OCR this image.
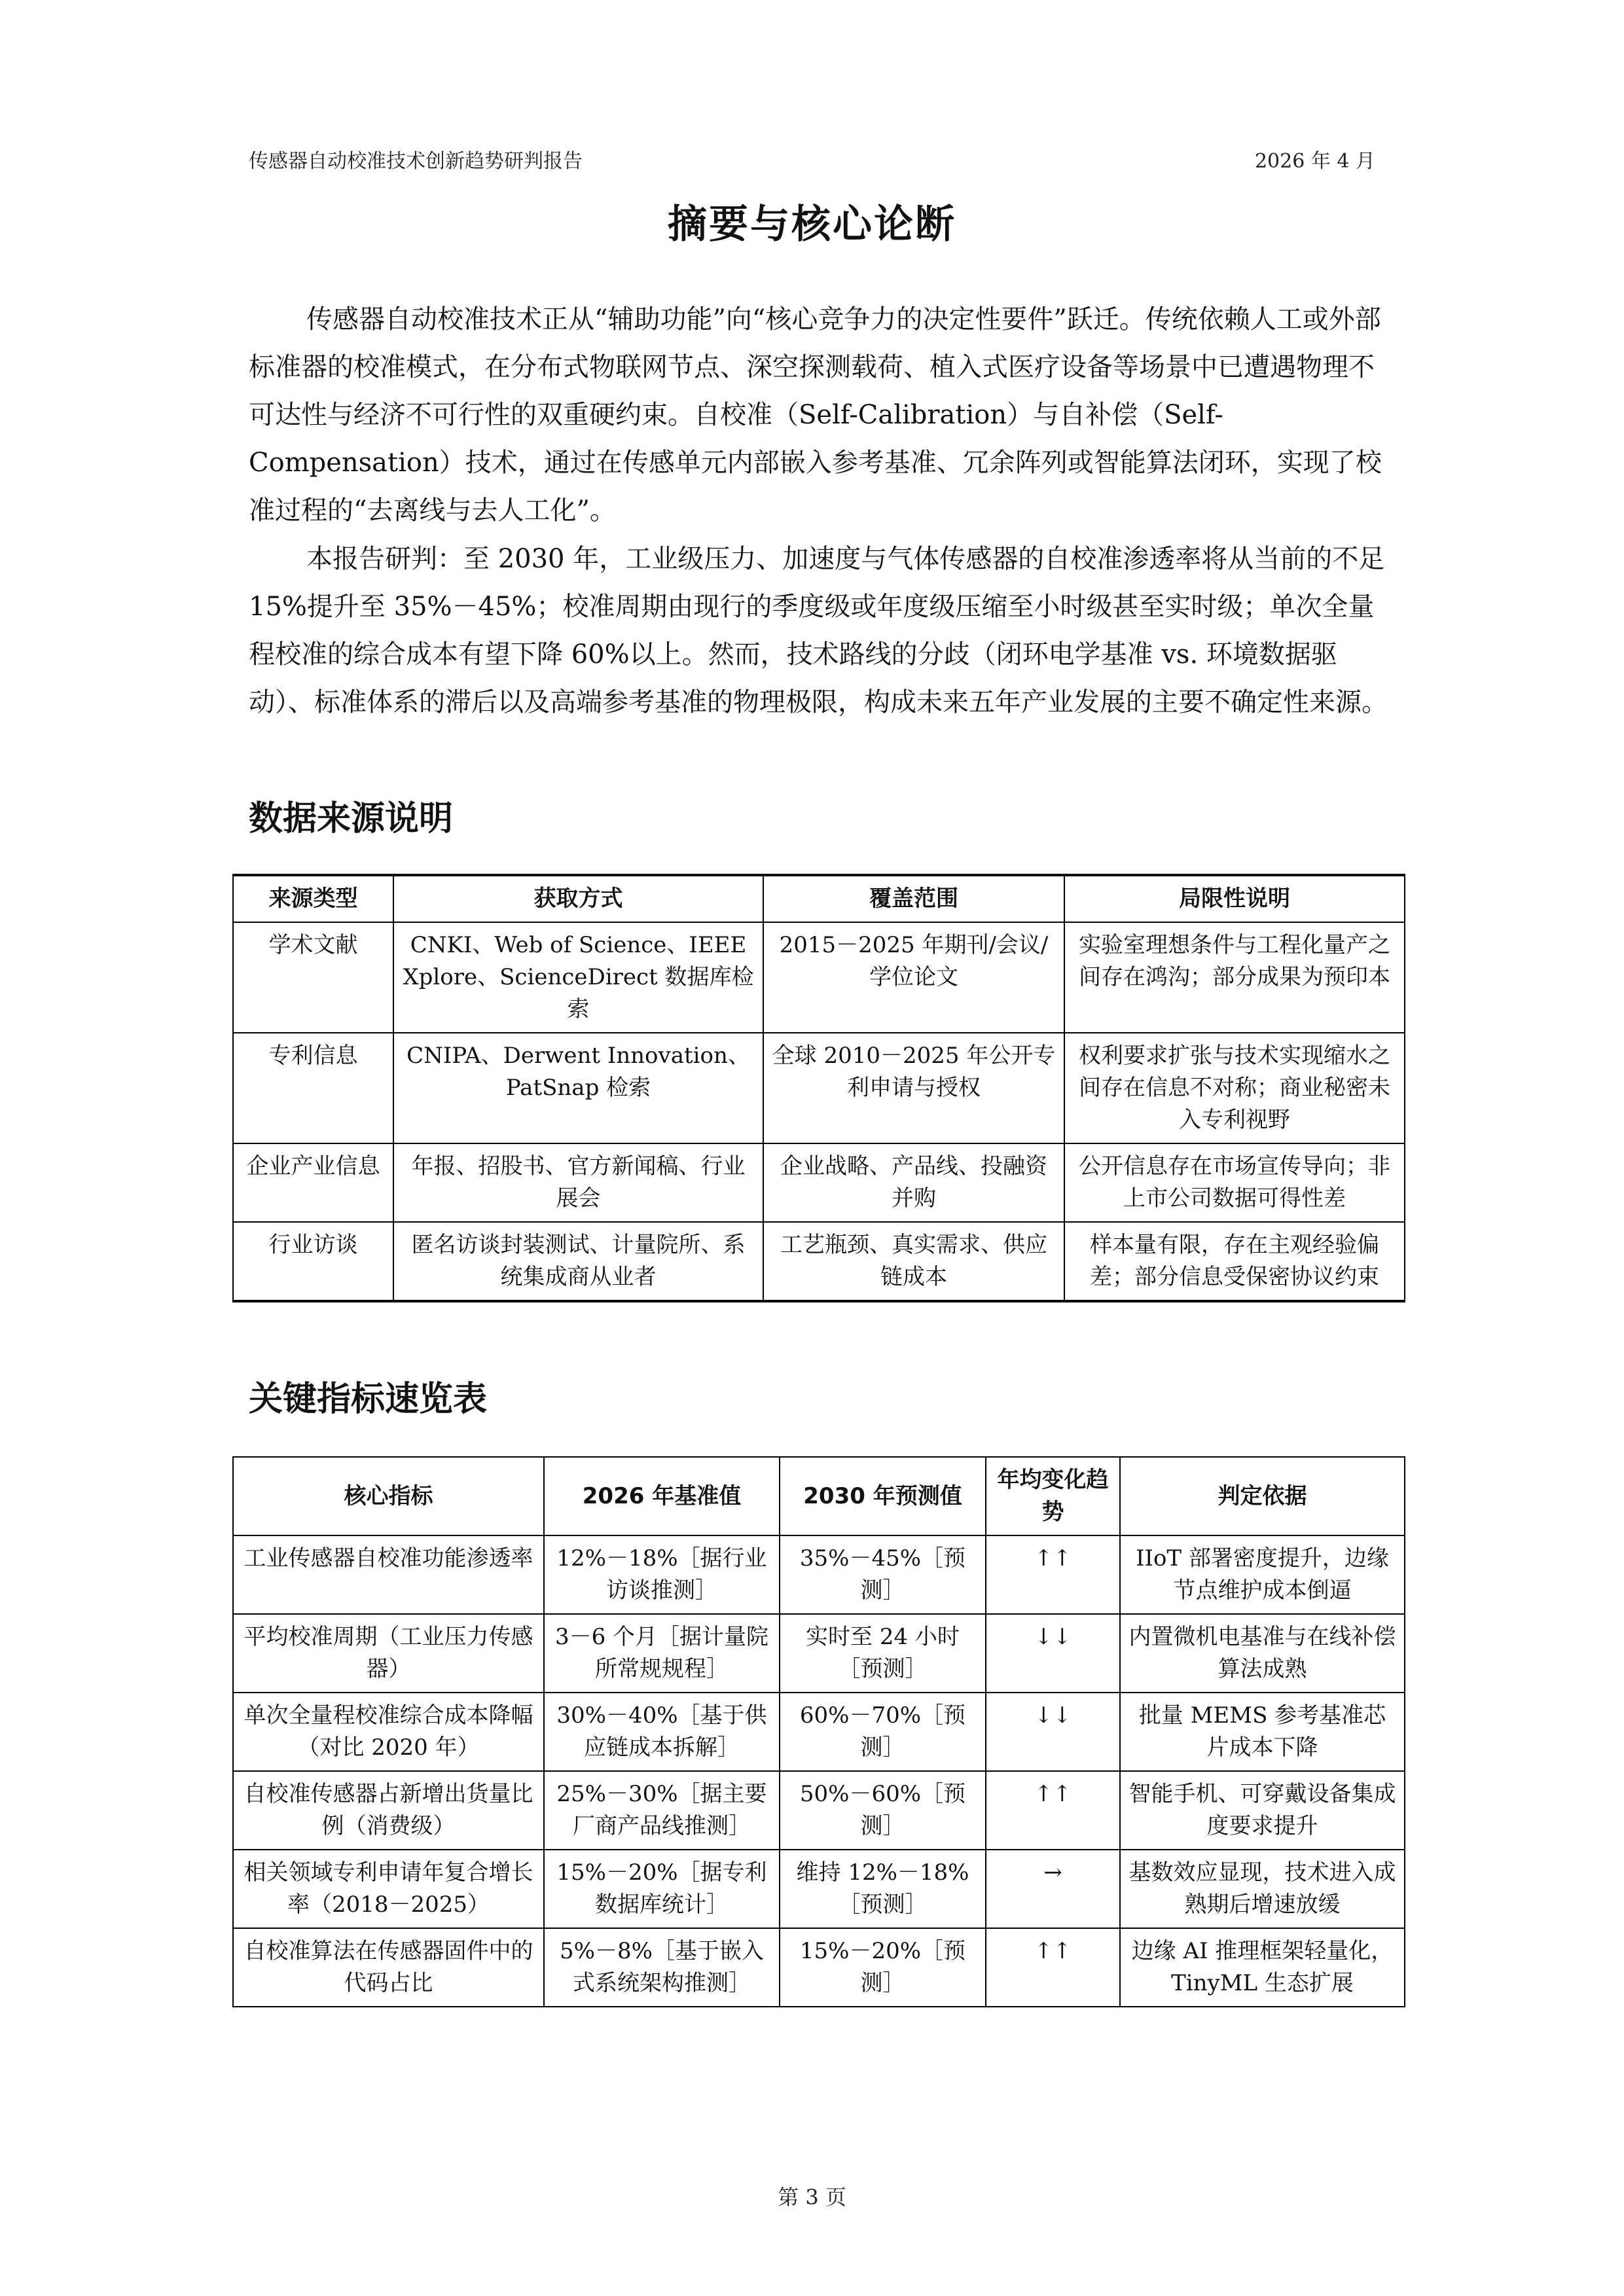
传感器自动校准技术创新趋势研判报告	2026 年 4 月
摘要与核心论断

传感器自动校准技术正从“辅助功能”向“核心竞争力的决定性要件”跃迁。传统依赖人工或外部标准器的校准模式，在分布式物联网节点、深空探测载荷、植入式医疗设备等场景中已遭遇物理不可达性与经济不可行性的双重硬约束。自校准（Self-Calibration）与自补偿（Self-Compensation）技术，通过在传感单元内部嵌入参考基准、冗余阵列或智能算法闭环，实现了校准过程的“去离线与去人工化”。

本报告研判：至 2030 年，工业级压力、加速度与气体传感器的自校准渗透率将从当前的不足 15%提升至 35%－45%；校准周期由现行的季度级或年度级压缩至小时级甚至实时级；单次全量程校准的综合成本有望下降 60%以上。然而，技术路线的分歧（闭环电学基准 vs. 环境数据驱动）、标准体系的滞后以及高端参考基准的物理极限，构成未来五年产业发展的主要不确定性来源。

数据来源说明
来源类型	获取方式	覆盖范围	局限性说明
学术文献	CNKI、Web of Science、IEEE Xplore、ScienceDirect 数据库检索	2015－2025 年期刊/会议/学位论文	实验室理想条件与工程化量产之间存在鸿沟；部分成果为预印本
专利信息	CNIPA、Derwent Innovation、PatSnap 检索	全球 2010－2025 年公开专利申请与授权	权利要求扩张与技术实现缩水之间存在信息不对称；商业秘密未入专利视野
企业产业信息	年报、招股书、官方新闻稿、行业展会	企业战略、产品线、投融资并购	公开信息存在市场宣传导向；非上市公司数据可得性差
行业访谈	匿名访谈封装测试、计量院所、系统集成商从业者	工艺瓶颈、真实需求、供应链成本	样本量有限，存在主观经验偏差；部分信息受保密协议约束
关键指标速览表
核心指标	2026 年基准值	2030 年预测值	年均变化趋势	判定依据
工业传感器自校准功能渗透率	12%－18%［据行业访谈推测］	35%－45%［预测］	↑↑	IIoT 部署密度提升，边缘节点维护成本倒逼
平均校准周期（工业压力传感器）	3－6 个月［据计量院所常规规程］	实时至 24 小时［预测］	↓↓	内置微机电基准与在线补偿算法成熟
单次全量程校准综合成本降幅（对比 2020 年）	30%－40%［基于供应链成本拆解］	60%－70%［预测］	↓↓	批量 MEMS 参考基准芯片成本下降
自校准传感器占新增出货量比例（消费级）	25%－30%［据主要厂商产品线推测］	50%－60%［预测］	↑↑	智能手机、可穿戴设备集成度要求提升
相关领域专利申请年复合增长率（2018－2025）	15%－20%［据专利数据库统计］	维持 12%－18%［预测］	→	基数效应显现，技术进入成熟期后增速放缓
自校准算法在传感器固件中的代码占比	5%－8%［基于嵌入式系统架构推测］	15%－20%［预测］	↑↑	边缘 AI 推理框架轻量化，TinyML 生态扩展
第 3 页
